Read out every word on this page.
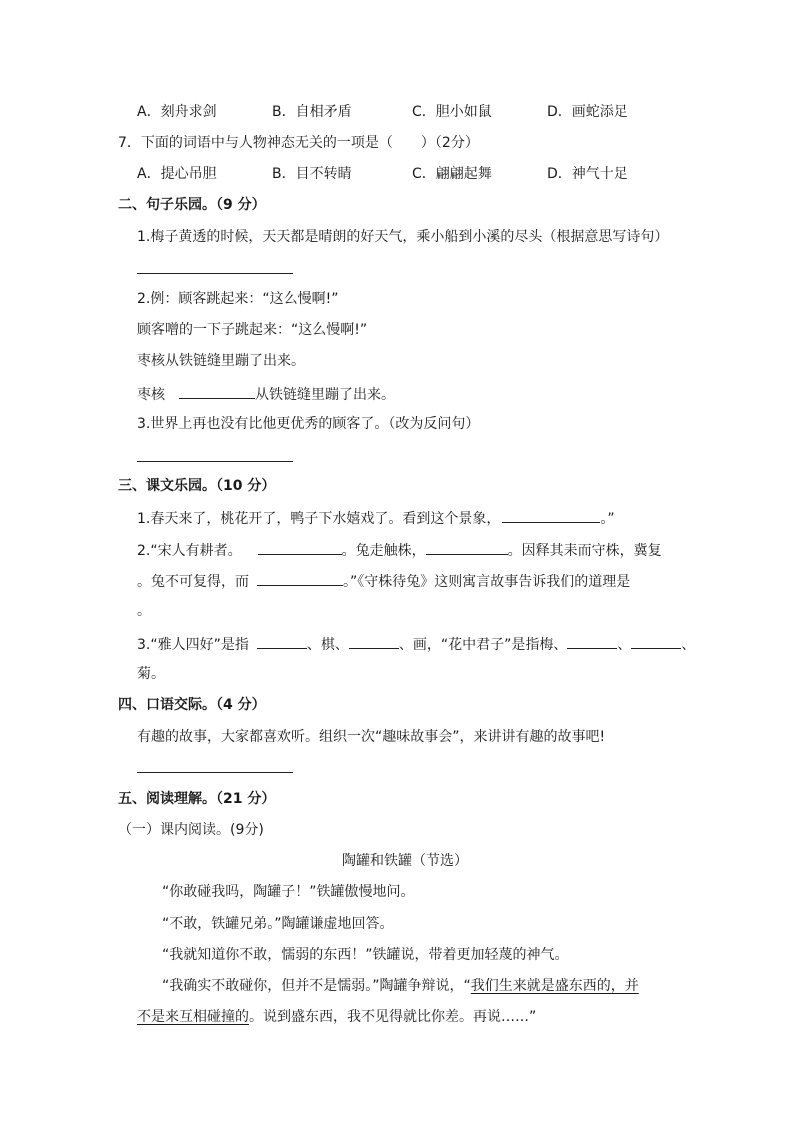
A．刻舟求剑	B．自相矛盾	C．胆小如鼠	D．画蛇添足
7．下面的词语中与人物神态无关的一项是（　　）（2分）
A．提心吊胆	B．目不转睛	C．翩翩起舞	D．神气十足
二、句子乐园。（9 分）
1.梅子黄透的时候，天天都是晴朗的好天气，乘小船到小溪的尽头（根据意思写诗句）
2.例：顾客跳起来：“这么慢啊!”
顾客噌的一下子跳起来：“这么慢啊!”
枣核从铁链缝里蹦了出来。
枣核	从铁链缝里蹦了出来。
3.世界上再也没有比他更优秀的顾客了。（改为反问句）
三、课文乐园。（10 分）
1.春天来了，桃花开了，鸭子下水嬉戏了。看到这个景象，	。”
2.“宋人有耕者。	。兔走触株，	。因释其耒而守株，冀复
。兔不可复得，而	。”《守株待兔》这则寓言故事告诉我们的道理是
。
3.“雅人四好”是指	、棋、	、画，“花中君子”是指梅、	、	、
菊。
四、口语交际。（4 分）
有趣的故事，大家都喜欢听。组织一次“趣味故事会”，来讲讲有趣的故事吧!
五、阅读理解。（21 分）
（一）课内阅读。(9分)
陶罐和铁罐（节选）
“你敢碰我吗，陶罐子！”铁罐傲慢地问。
“不敢，铁罐兄弟。”陶罐谦虚地回答。
“我就知道你不敢，懦弱的东西！”铁罐说，带着更加轻蔑的神气。
“我确实不敢碰你，但并不是懦弱。”陶罐争辩说，“我们生来就是盛东西的，并
不是来互相碰撞的。说到盛东西，我不见得就比你差。再说……”
